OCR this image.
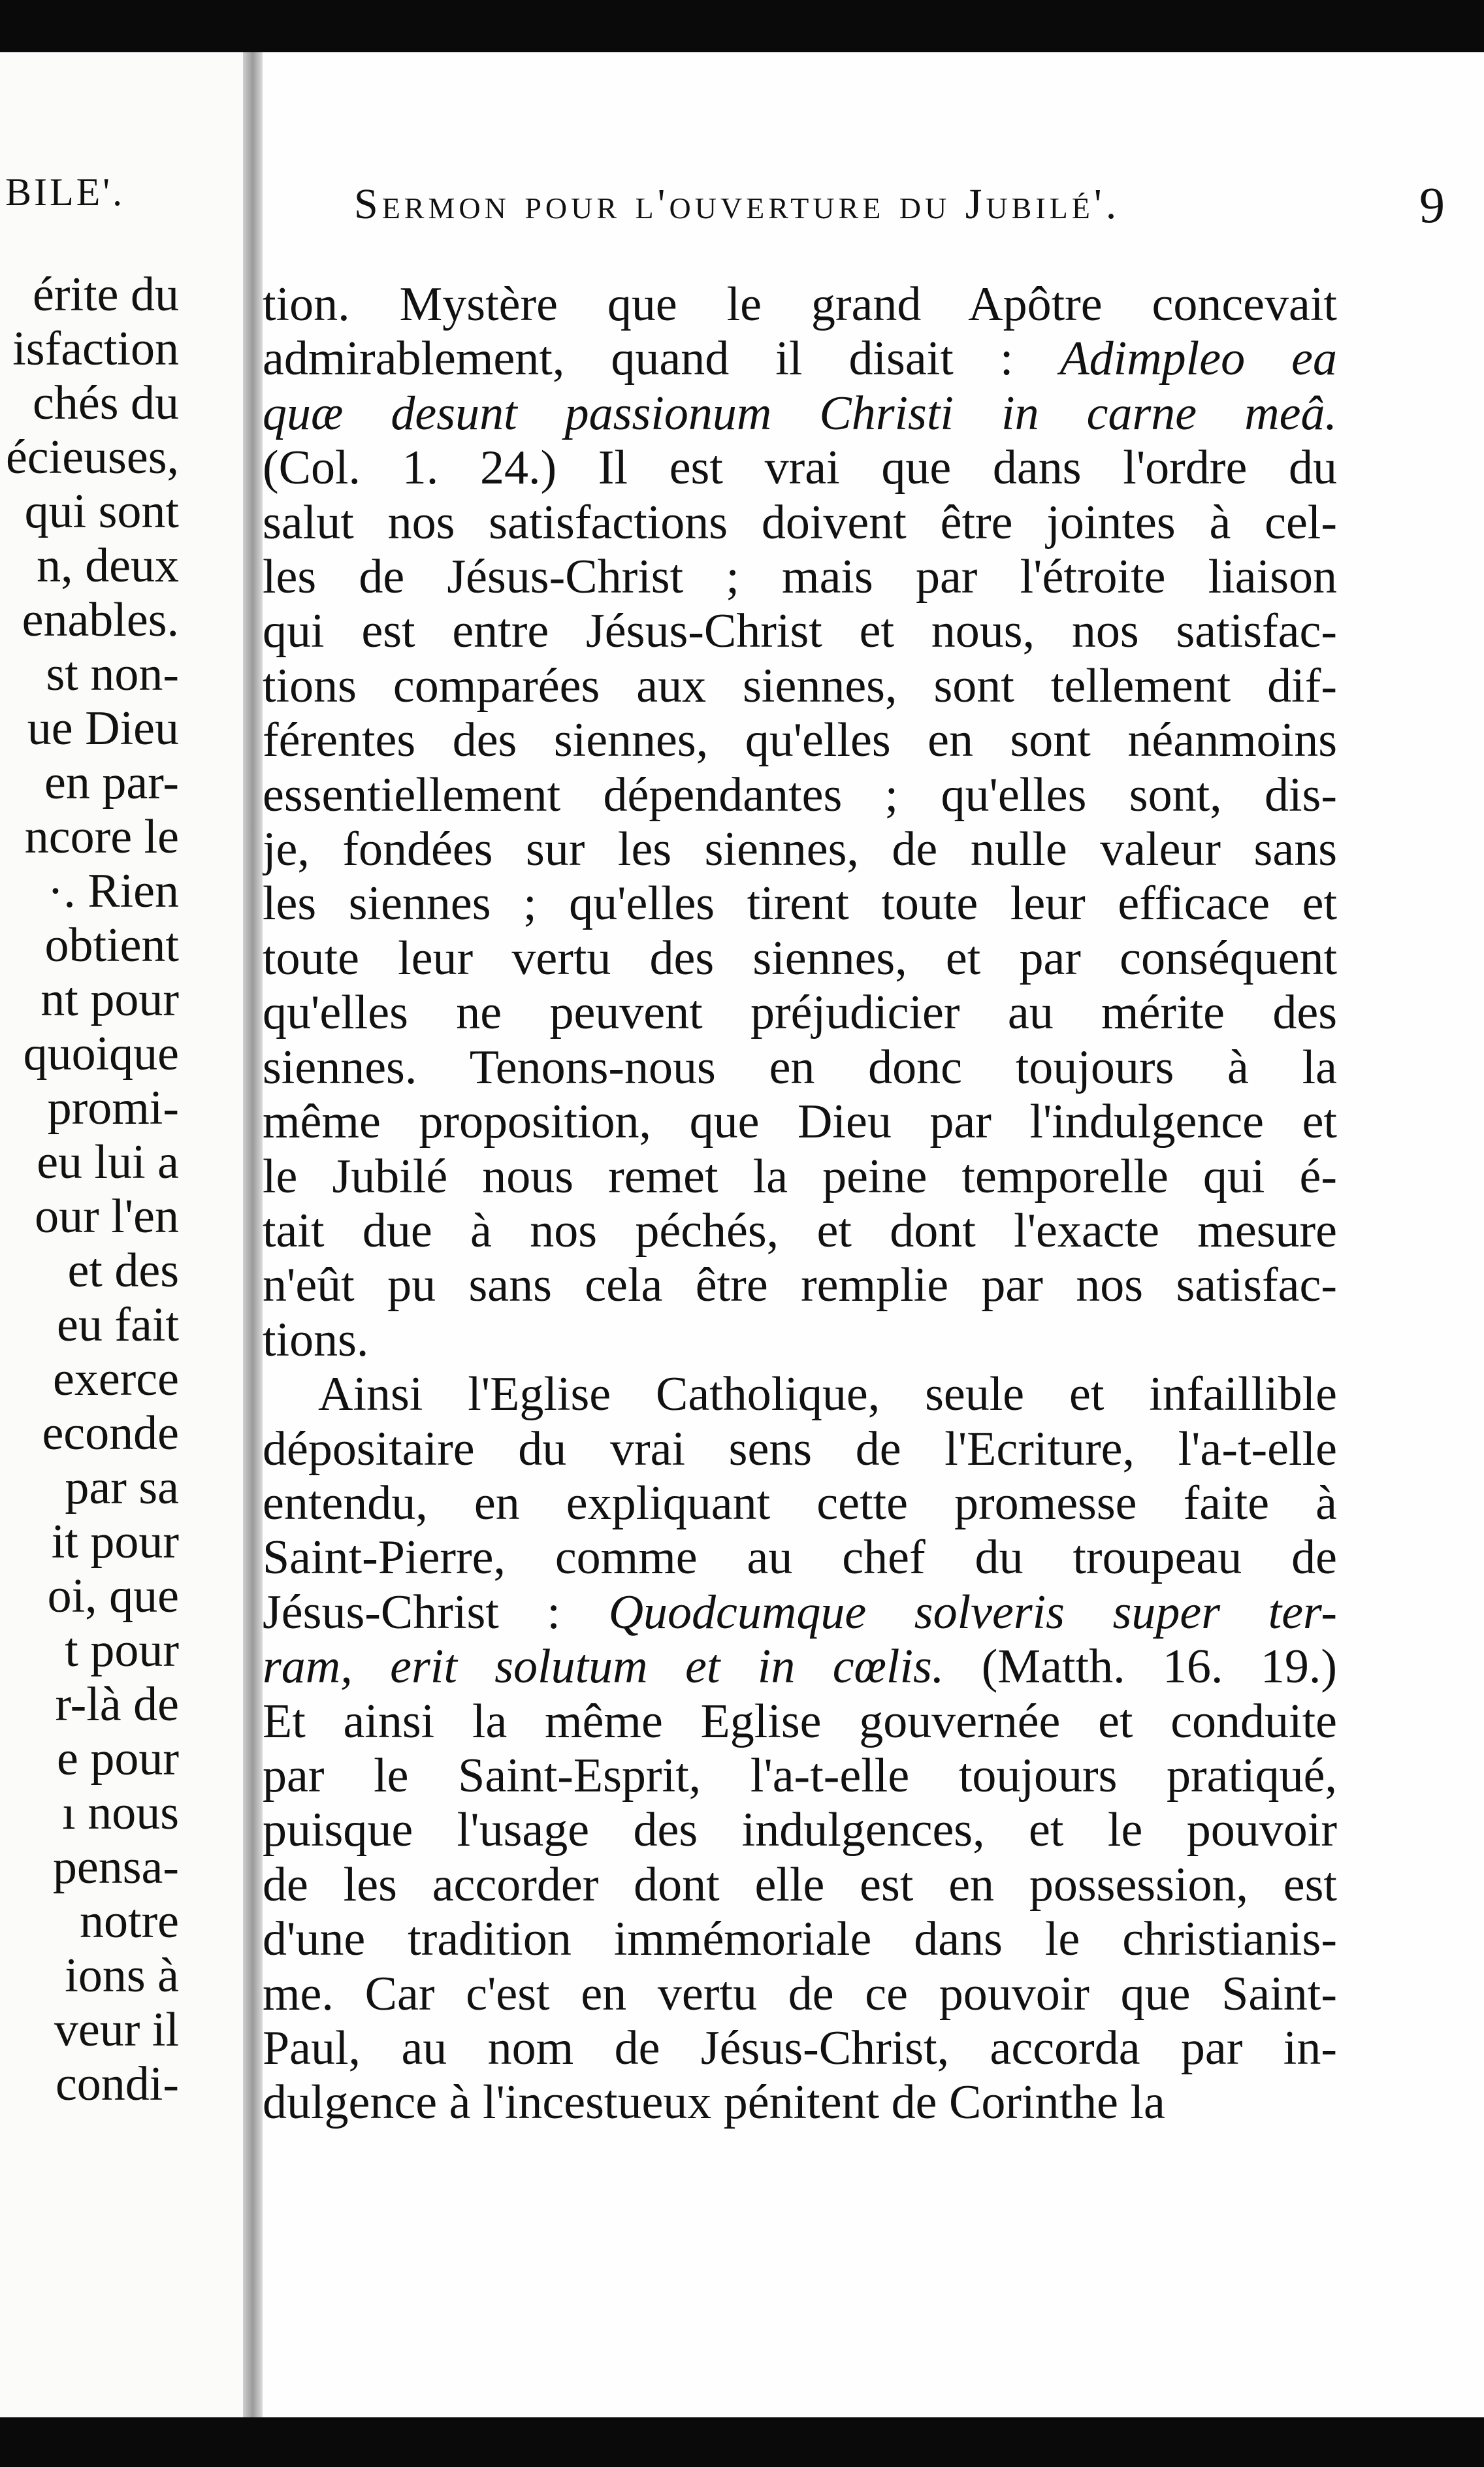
BILE'.
érite du
isfaction
chés du
écieuses,
qui sont
n, deux
enables.
st non-
ue Dieu
en par-
ncore le
·. Rien
obtient
nt pour
quoique
promi-
eu lui a
our l'en
et des
eu fait
exerce
econde
par sa
it pour
oi, que
t pour
r-là de
e pour
ı nous
pensa-
notre
ions à
veur il
condi-
Sermon pour l'ouverture du Jubilé'.	9
tion. Mystère que le grand Apôtre concevait
admirablement, quand il disait : Adimpleo ea
quæ desunt passionum Christi in carne meâ.
(Col. 1. 24.) Il est vrai que dans l'ordre du
salut nos satisfactions doivent être jointes à cel-
les de Jésus-Christ ; mais par l'étroite liaison
qui est entre Jésus-Christ et nous, nos satisfac-
tions comparées aux siennes, sont tellement dif-
férentes des siennes, qu'elles en sont néanmoins
essentiellement dépendantes ; qu'elles sont, dis-
je, fondées sur les siennes, de nulle valeur sans
les siennes ; qu'elles tirent toute leur efficace et
toute leur vertu des siennes, et par conséquent
qu'elles ne peuvent préjudicier au mérite des
siennes. Tenons-nous en donc toujours à la
même proposition, que Dieu par l'indulgence et
le Jubilé nous remet la peine temporelle qui é-
tait due à nos péchés, et dont l'exacte mesure
n'eût pu sans cela être remplie par nos satisfac-
tions.
Ainsi l'Eglise Catholique, seule et infaillible
dépositaire du vrai sens de l'Ecriture, l'a-t-elle
entendu, en expliquant cette promesse faite à
Saint-Pierre, comme au chef du troupeau de
Jésus-Christ : Quodcumque solveris super ter-
ram, erit solutum et in cœlis. (Matth. 16. 19.)
Et ainsi la même Eglise gouvernée et conduite
par le Saint-Esprit, l'a-t-elle toujours pratiqué,
puisque l'usage des indulgences, et le pouvoir
de les accorder dont elle est en possession, est
d'une tradition immémoriale dans le christianis-
me. Car c'est en vertu de ce pouvoir que Saint-
Paul, au nom de Jésus-Christ, accorda par in-
dulgence à l'incestueux pénitent de Corinthe la
